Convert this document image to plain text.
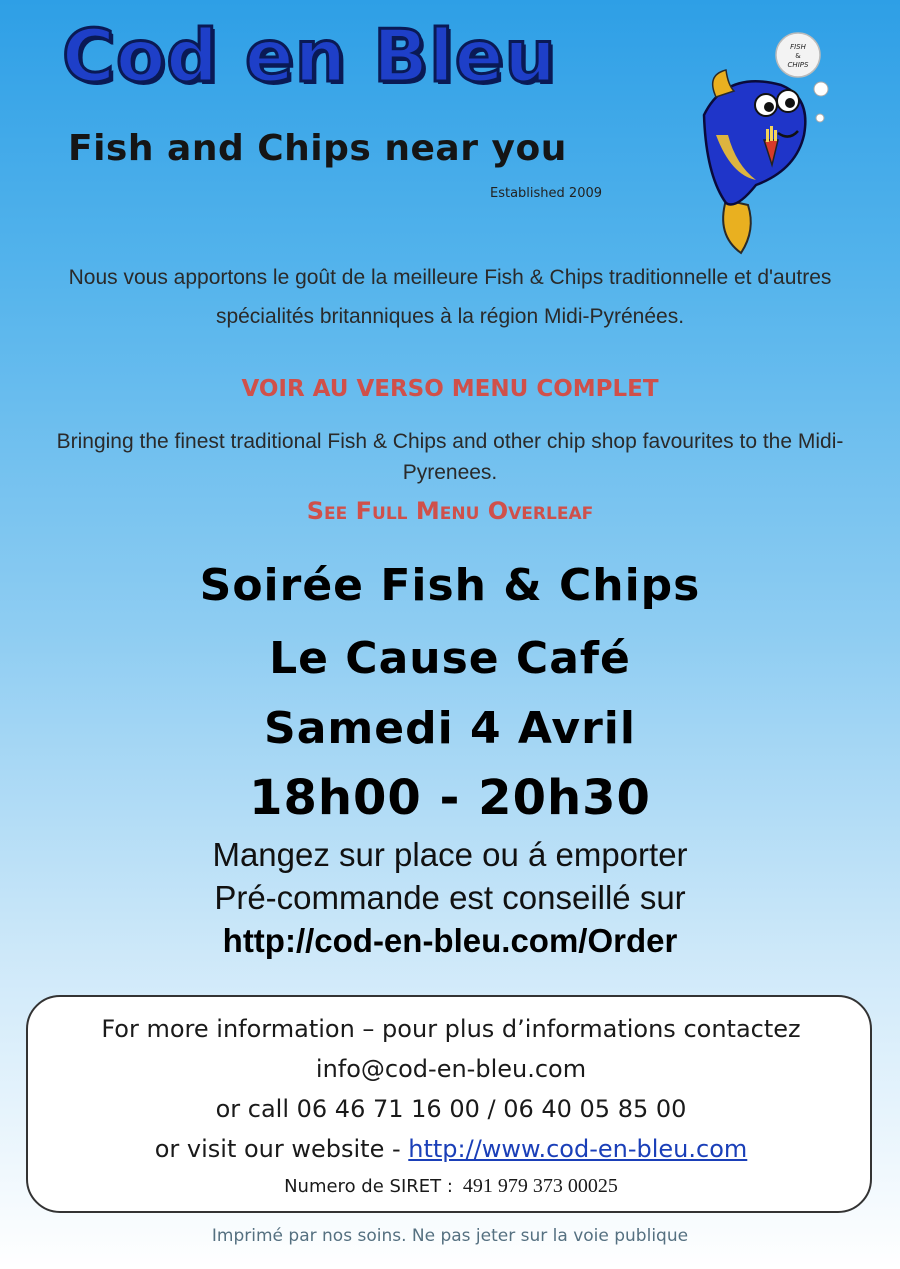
Cod en Bleu
Fish and Chips near you
Established 2009
FISH
&
CHIPS
Nous vous apportons le goût de la meilleure Fish & Chips traditionnelle et d'autres spécialités britanniques à la région Midi-Pyrénées.
VOIR AU VERSO MENU COMPLET
Bringing the finest traditional Fish & Chips and other chip shop favourites to the Midi-Pyrenees.
See Full Menu Overleaf
Soirée Fish & Chips
Le Cause Café
Samedi 4 Avril
18h00 - 20h30
Mangez sur place ou á emporter
Pré-commande est conseillé sur
http://cod-en-bleu.com/Order
For more information – pour plus d’informations contactez
info@cod-en-bleu.com
or call 06 46 71 16 00 / 06 40 05 85 00
or visit our website - http://www.cod-en-bleu.com
Numero de SIRET : 491 979 373 00025
Imprimé par nos soins. Ne pas jeter sur la voie publique
